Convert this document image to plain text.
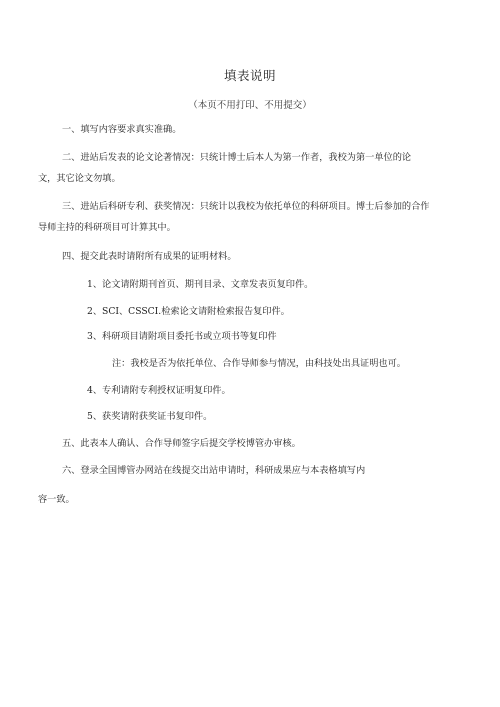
填表说明
（本页不用打印、不用提交）
一、填写内容要求真实准确。
二、进站后发表的论文论著情况：只统计博士后本人为第一作者，我校为第一单位的论
文，其它论文勿填。
三、进站后科研专利、获奖情况：只统计以我校为依托单位的科研项目。博士后参加的合作
导师主持的科研项目可计算其中。
四、提交此表时请附所有成果的证明材料。
1、论文请附期刊首页、期刊目录、文章发表页复印件。
2、SCI、CSSCI.检索论文请附检索报告复印件。
3、科研项目请附项目委托书或立项书等复印件
注：我校是否为依托单位、合作导师参与情况，由科技处出具证明也可。
4、专利请附专利授权证明复印件。
5、获奖请附获奖证书复印件。
五、此表本人确认、合作导师签字后提交学校博管办审核。
六、登录全国博管办网站在线提交出站申请时，科研成果应与本表格填写内
容一致。
